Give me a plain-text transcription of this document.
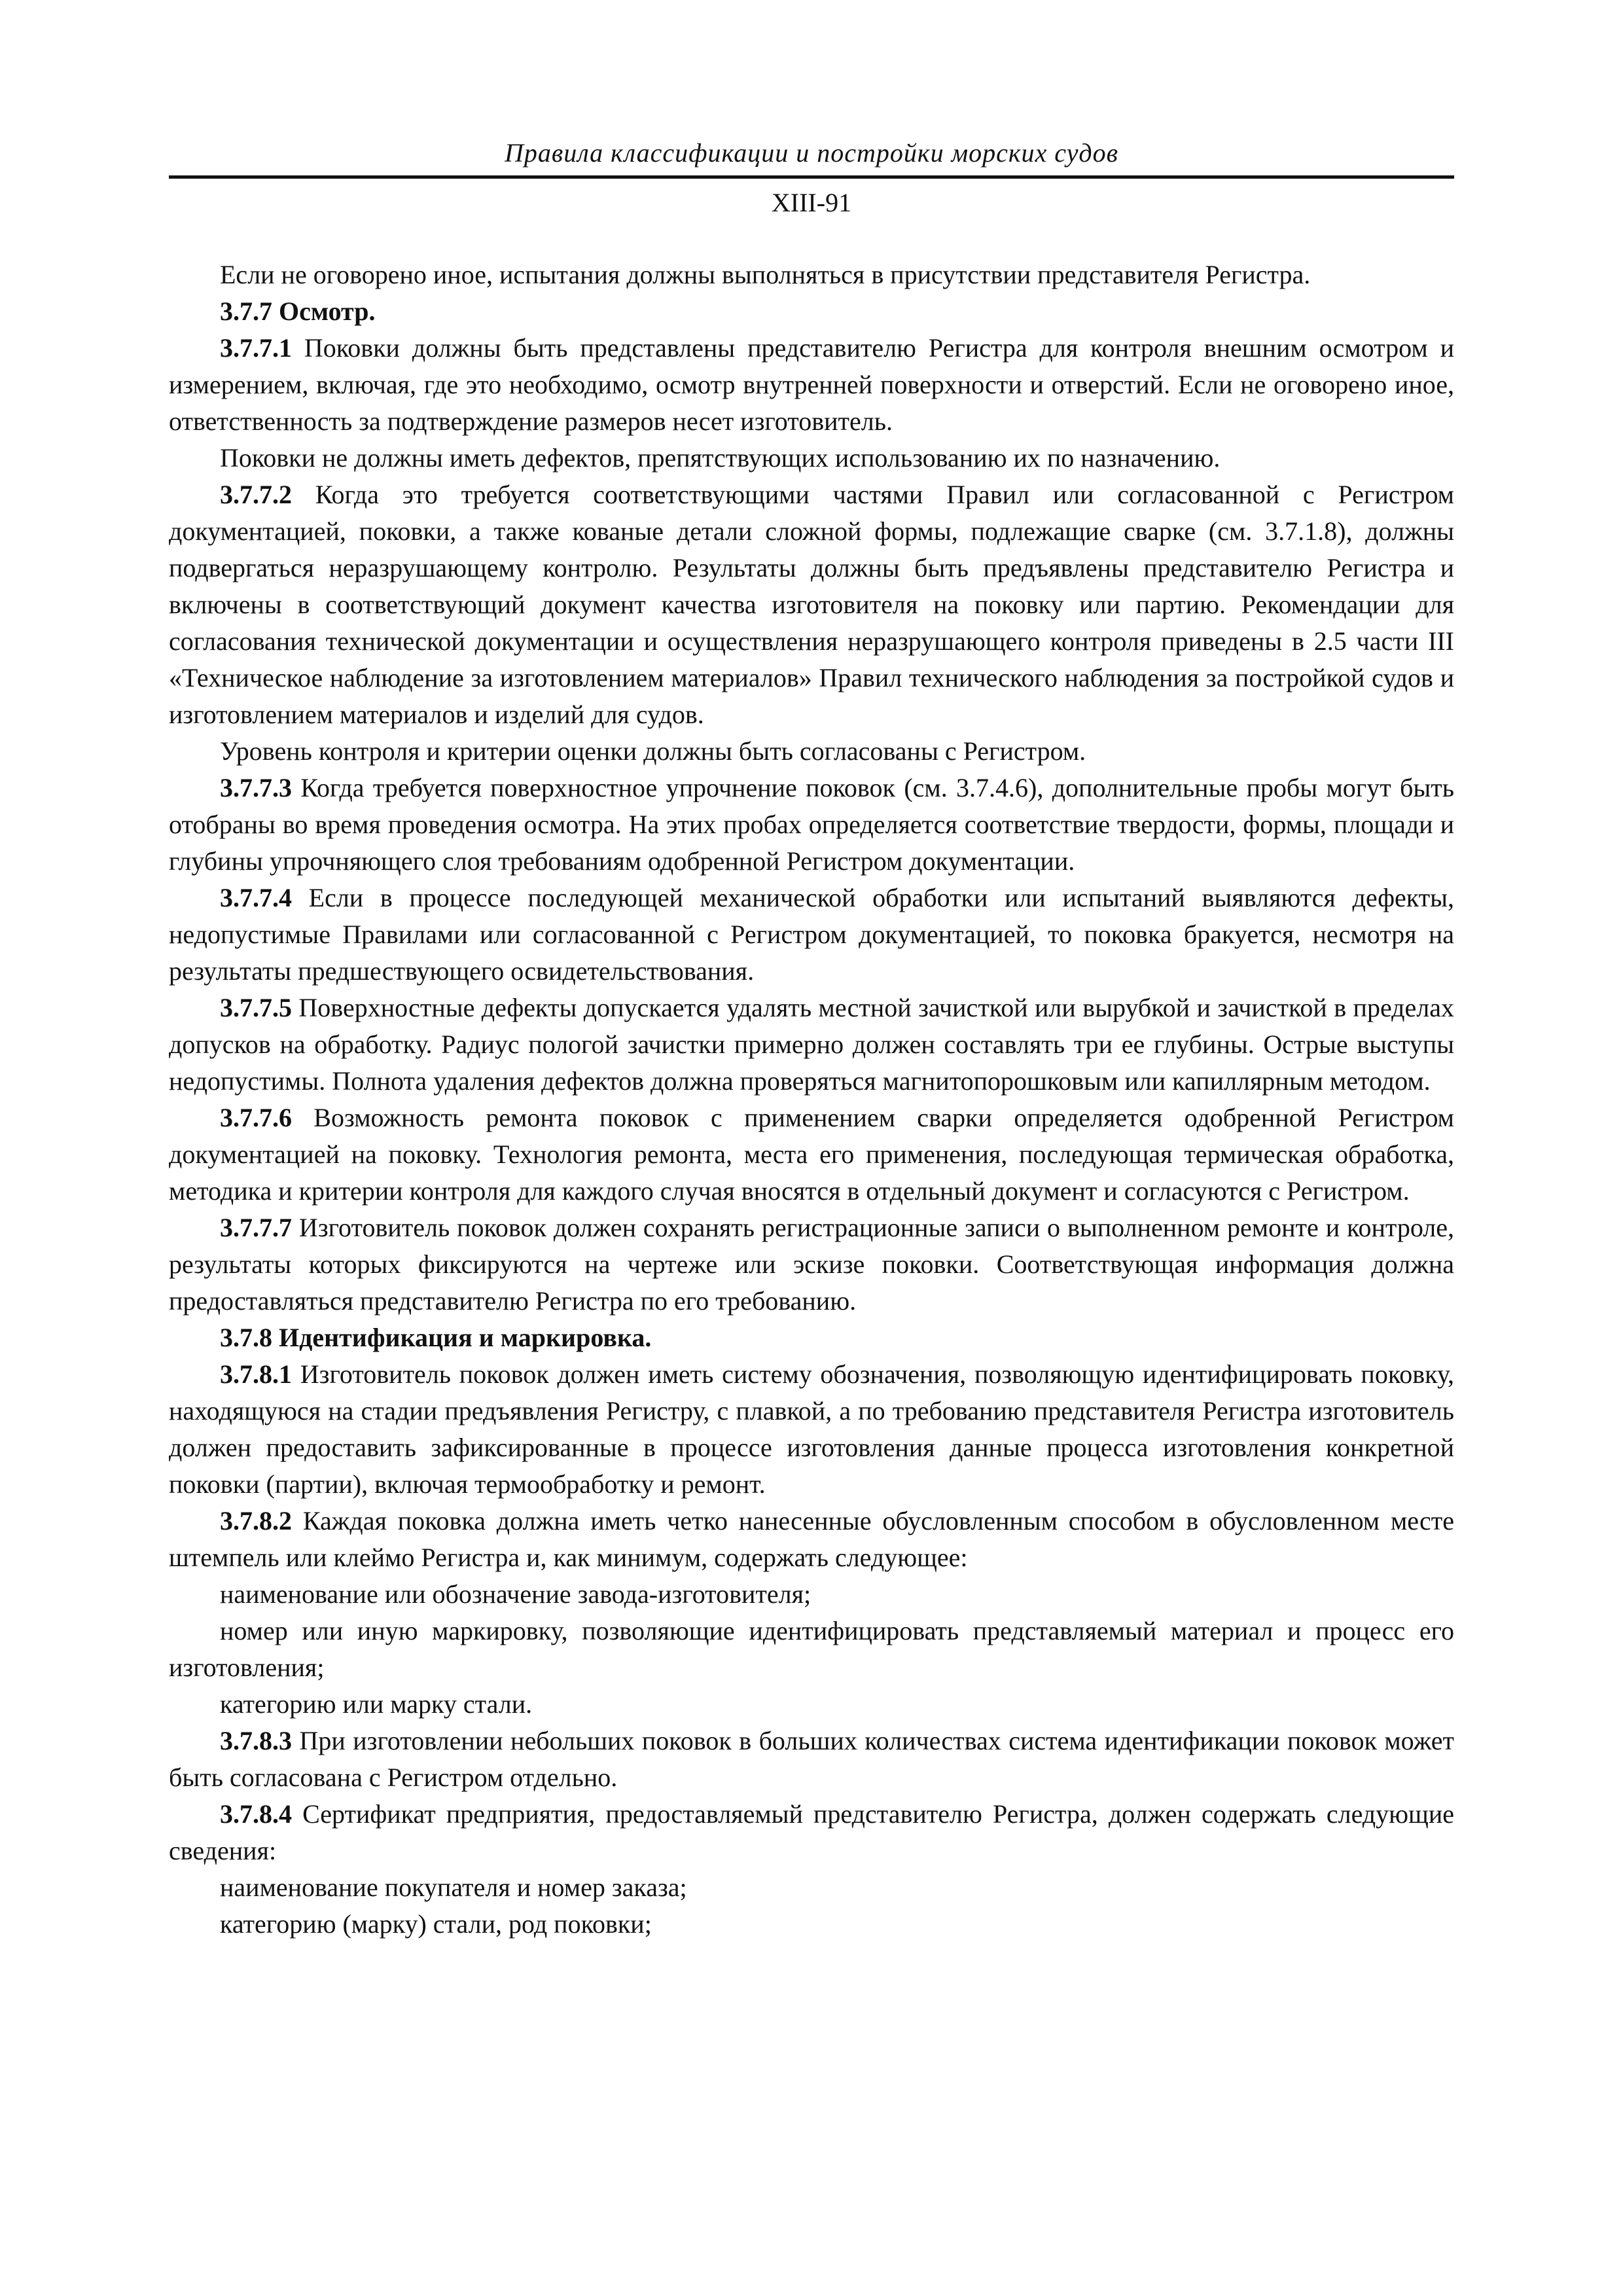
Правила классификации и постройки морских судов
XIII-91

Если не оговорено иное, испытания должны выполняться в присутствии представителя Регистра.

3.7.7 Осмотр.

3.7.7.1 Поковки должны быть представлены представителю Регистра для контроля внешним осмотром и измерением, включая, где это необходимо, осмотр внутренней поверхности и отверстий. Если не оговорено иное, ответственность за подтверждение размеров несет изготовитель.

Поковки не должны иметь дефектов, препятствующих использованию их по назначению.

3.7.7.2 Когда это требуется соответствующими частями Правил или согласованной с Регистром документацией, поковки, а также кованые детали сложной формы, подлежащие сварке (см. 3.7.1.8), должны подвергаться неразрушающему контролю. Результаты должны быть предъявлены представителю Регистра и включены в соответствующий документ качества изготовителя на поковку или партию. Рекомендации для согласования технической документации и осуществления неразрушающего контроля приведены в 2.5 части III «Техническое наблюдение за изготовлением материалов» Правил технического наблюдения за постройкой судов и изготовлением материалов и изделий для судов.

Уровень контроля и критерии оценки должны быть согласованы с Регистром.

3.7.7.3 Когда требуется поверхностное упрочнение поковок (см. 3.7.4.6), дополнительные пробы могут быть отобраны во время проведения осмотра. На этих пробах определяется соответствие твердости, формы, площади и глубины упрочняющего слоя требованиям одобренной Регистром документации.

3.7.7.4 Если в процессе последующей механической обработки или испытаний выявляются дефекты, недопустимые Правилами или согласованной с Регистром документацией, то поковка бракуется, несмотря на результаты предшествующего освидетельствования.

3.7.7.5 Поверхностные дефекты допускается удалять местной зачисткой или вырубкой и зачисткой в пределах допусков на обработку. Радиус пологой зачистки примерно должен составлять три ее глубины. Острые выступы недопустимы. Полнота удаления дефектов должна проверяться магнитопорошковым или капиллярным методом.

3.7.7.6 Возможность ремонта поковок с применением сварки определяется одобренной Регистром документацией на поковку. Технология ремонта, места его применения, последующая термическая обработка, методика и критерии контроля для каждого случая вносятся в отдельный документ и согласуются с Регистром.

3.7.7.7 Изготовитель поковок должен сохранять регистрационные записи о выполненном ремонте и контроле, результаты которых фиксируются на чертеже или эскизе поковки. Соответствующая информация должна предоставляться представителю Регистра по его требованию.

3.7.8 Идентификация и маркировка.

3.7.8.1 Изготовитель поковок должен иметь систему обозначения, позволяющую идентифицировать поковку, находящуюся на стадии предъявления Регистру, с плавкой, а по требованию представителя Регистра изготовитель должен предоставить зафиксированные в процессе изготовления данные процесса изготовления конкретной поковки (партии), включая термообработку и ремонт.

3.7.8.2 Каждая поковка должна иметь четко нанесенные обусловленным способом в обусловленном месте штемпель или клеймо Регистра и, как минимум, содержать следующее:

наименование или обозначение завода-изготовителя;

номер или иную маркировку, позволяющие идентифицировать представляемый материал и процесс его изготовления;

категорию или марку стали.

3.7.8.3 При изготовлении небольших поковок в больших количествах система идентификации поковок может быть согласована с Регистром отдельно.

3.7.8.4 Сертификат предприятия, предоставляемый представителю Регистра, должен содержать следующие сведения:

наименование покупателя и номер заказа;

категорию (марку) стали, род поковки;
